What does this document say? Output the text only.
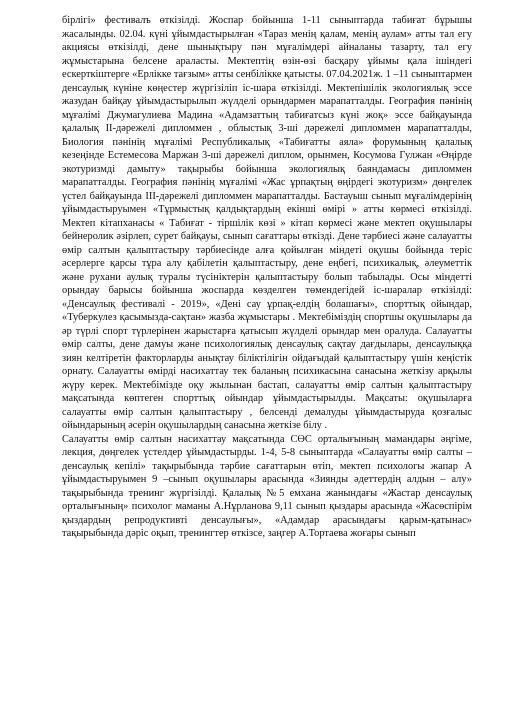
бірлігі» фестивалъ өткізілді. Жоспар бойынша 1-11 сыныптарда табиғат бұрышы жасалынды. 02.04. күні ұйымдастырылған «Тараз менің қалам, менің аулам» атты тал егу акциясы өткізілді, дене шынықтыру пән мұғалімдері айналаны тазарту, тал егу жұмыстарына белсене араласты. Мектептің өзін-өзі басқару ұйымы қала ішіндегі ескерткіштерге «Ерлікке тағзым» атты сенбілікке қатысты. 07.04.2021ж. 1 –11 сыныптармен денсаулық күніне көңестер жүргізіліп іс-шара өткізілді. Мектепішілік экологиялық эссе жазудан байқау ұйымдастырылып жүлделі орындармен марапатталды. География пәнінің мұғалімі Джумагулиева Мадина «Адамзаттың табиғатсыз күні жоқ» эссе байқауында қалалық ІІ-дәрежелі дипломмен , облыстық 3-ші дәрежелі дипломмен марапатталды, Биология пәнінің мұғалімі Республикалық «Табиғатты аяла» форумының қалалық кезеңінде Естемесова Маржан 3-ші дәрежелі диплом, орынмен, Косумова Гулжан «Өңірде экотуризмді дамыту» тақырыбы бойынша экологиялық баяндамасы дипломмен марапатталды. География пәнінің мұғалімі «Жас ұрпақтың өңірдегі экотуризм» дөңгелек үстел байқауында ІІІ-дәрежелі дипломмен марапатталды. Бастауыш сынып мұғалімдерінің ұйымдастыруымен «Тұрмыстық қалдықтардың екінші өмірі » атты көрмесі өткізілді. Мектеп кітапханасы « Табиғат - тіршілік көзі » кітап көрмесі және мектеп оқушылары бейнеролик әзірлеп, сурет байқауы, сынып сағаттары өткізді. Дене тәрбиесі және салауатты өмір салтын қалыптастыру тәрбиесінде алға қойылған міндеті оқушы бойында теріс әсерлерге қарсы тұра алу қабілетін қалыптастыру, дене еңбегі, психикалық, әлеуметтік және рухани аулық туралы түсініктерін қалыптастыру болып табылады. Осы міндетті орындау барысы бойынша жоспарда көзделген төмендегідей іс-шаралар өткізілді: «Денсаулық фестивалі - 2019», «Дені сау ұрпақ-елдің болашағы», спорттық ойындар, «Туберкулез қасымызда-сақтан» жазба жұмыстары . Мектебіміздің спортшы оқушылары да әр түрлі спорт түрлерінен жарыстарға қатысып жүлделі орындар мен оралуда. Салауатты өмір салты, дене дамуы және психологиялық денсаулық сақтау дағдылары, денсаулыққа зиян келтіретін факторларды анықтау біліктілігін ойдағыдай қалыптастыру үшін кеңістік орнату. Салауатты өмірді насихаттау тек баланың психикасына санасына жеткізу арқылы жүру керек. Мектебімізде оқу жылынан бастап, салауатты өмір салтын қалыптастыру мақсатында көптеген спорттық ойындар ұйымдастырылды. Мақсаты: оқушыларға салауатты өмір салтын қалыптастыру , белсенді демалуды ұйымдастыруда қозғалыс ойындарының әсерін оқушылардың санасына жеткізе білу .

Салауатты өмір салтын насихаттау мақсатында СӨС орталығының мамандары әңгіме, лекция, дөңгелек үстелдер ұйымдастырды. 1-4, 5-8 сыныптарда «Салауатты өмір салты – денсаулық кепілі» тақырыбында тәрбие сағаттарын өтіп, мектеп психологы жапар А ұйымдастыруымен 9 –сынып оқушылары арасында «Зиянды әдеттердің алдын – алу» тақырыбында тренинг жүргізілді. Қалалық №5 емхана жанындағы «Жастар денсаулық орталығының» психолог маманы А.Нұрланова 9,11 сынып қыздары арасында «Жасөспірім қыздардың репродуктивті денсаулығы», «Адамдар арасындағы қарым-қатынас» тақырыбында дәріс оқып, тренингтер өткізсе, заңгер А.Тортаева жоғары сынып
